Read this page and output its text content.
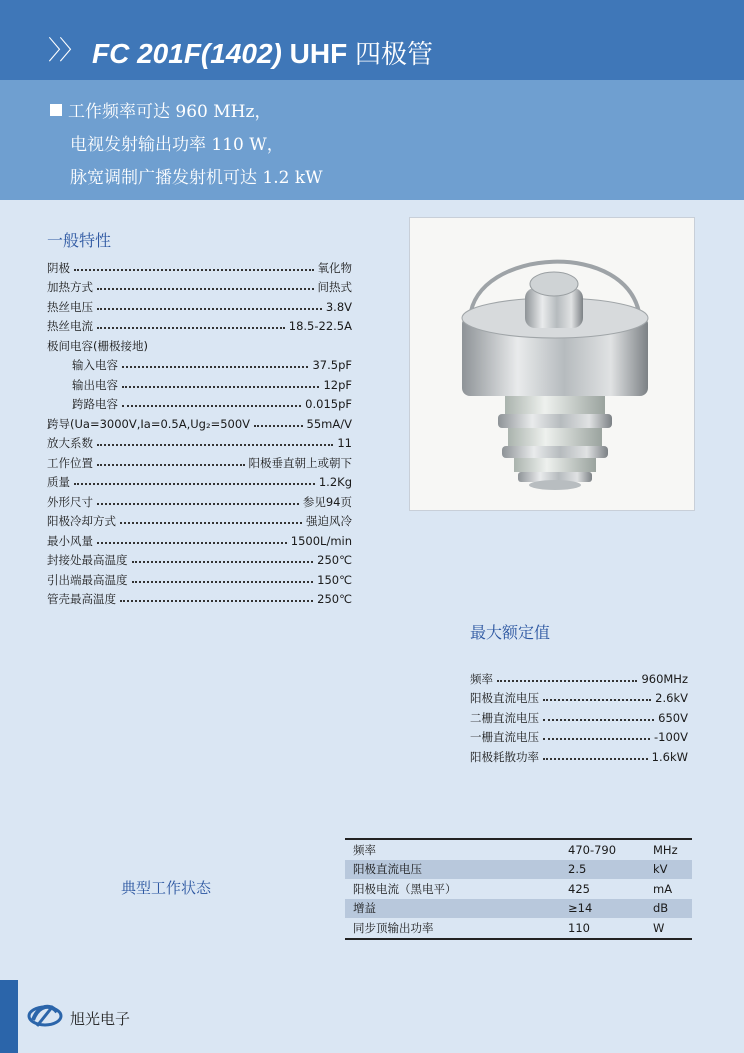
〉〉 FC 201F(1402) UHF 四极管
工作频率可达 960 MHz，
电视发射输出功率 110 W，
脉宽调制广播发射机可达 1.2 kW
一般特性
阴极	氧化物
加热方式	间热式
热丝电压	3.8V
热丝电流	18.5-22.5A
极间电容(栅极接地)
输入电容	37.5pF
输出电容	12pF
跨路电容	0.015pF
跨导(Ua=3000V,Ia=0.5A,Ug₂=500V	55mA/V
放大系数	11
工作位置	阳极垂直朝上或朝下
质量	1.2Kg
外形尺寸	参见94页
阳极冷却方式	强迫风冷
最小风量	1500L/min
封接处最高温度	250℃
引出端最高温度	150℃
管壳最高温度	250℃
最大额定值
频率	960MHz
阳极直流电压	2.6kV
二栅直流电压	650V
一栅直流电压	-100V
阳极耗散功率	1.6kW
典型工作状态
频率	470-790	MHz
阳极直流电压	2.5	kV
阳极电流（黑电平）	425	mA
增益	≥14	dB
同步顶输出功率	110	W
旭光电子
